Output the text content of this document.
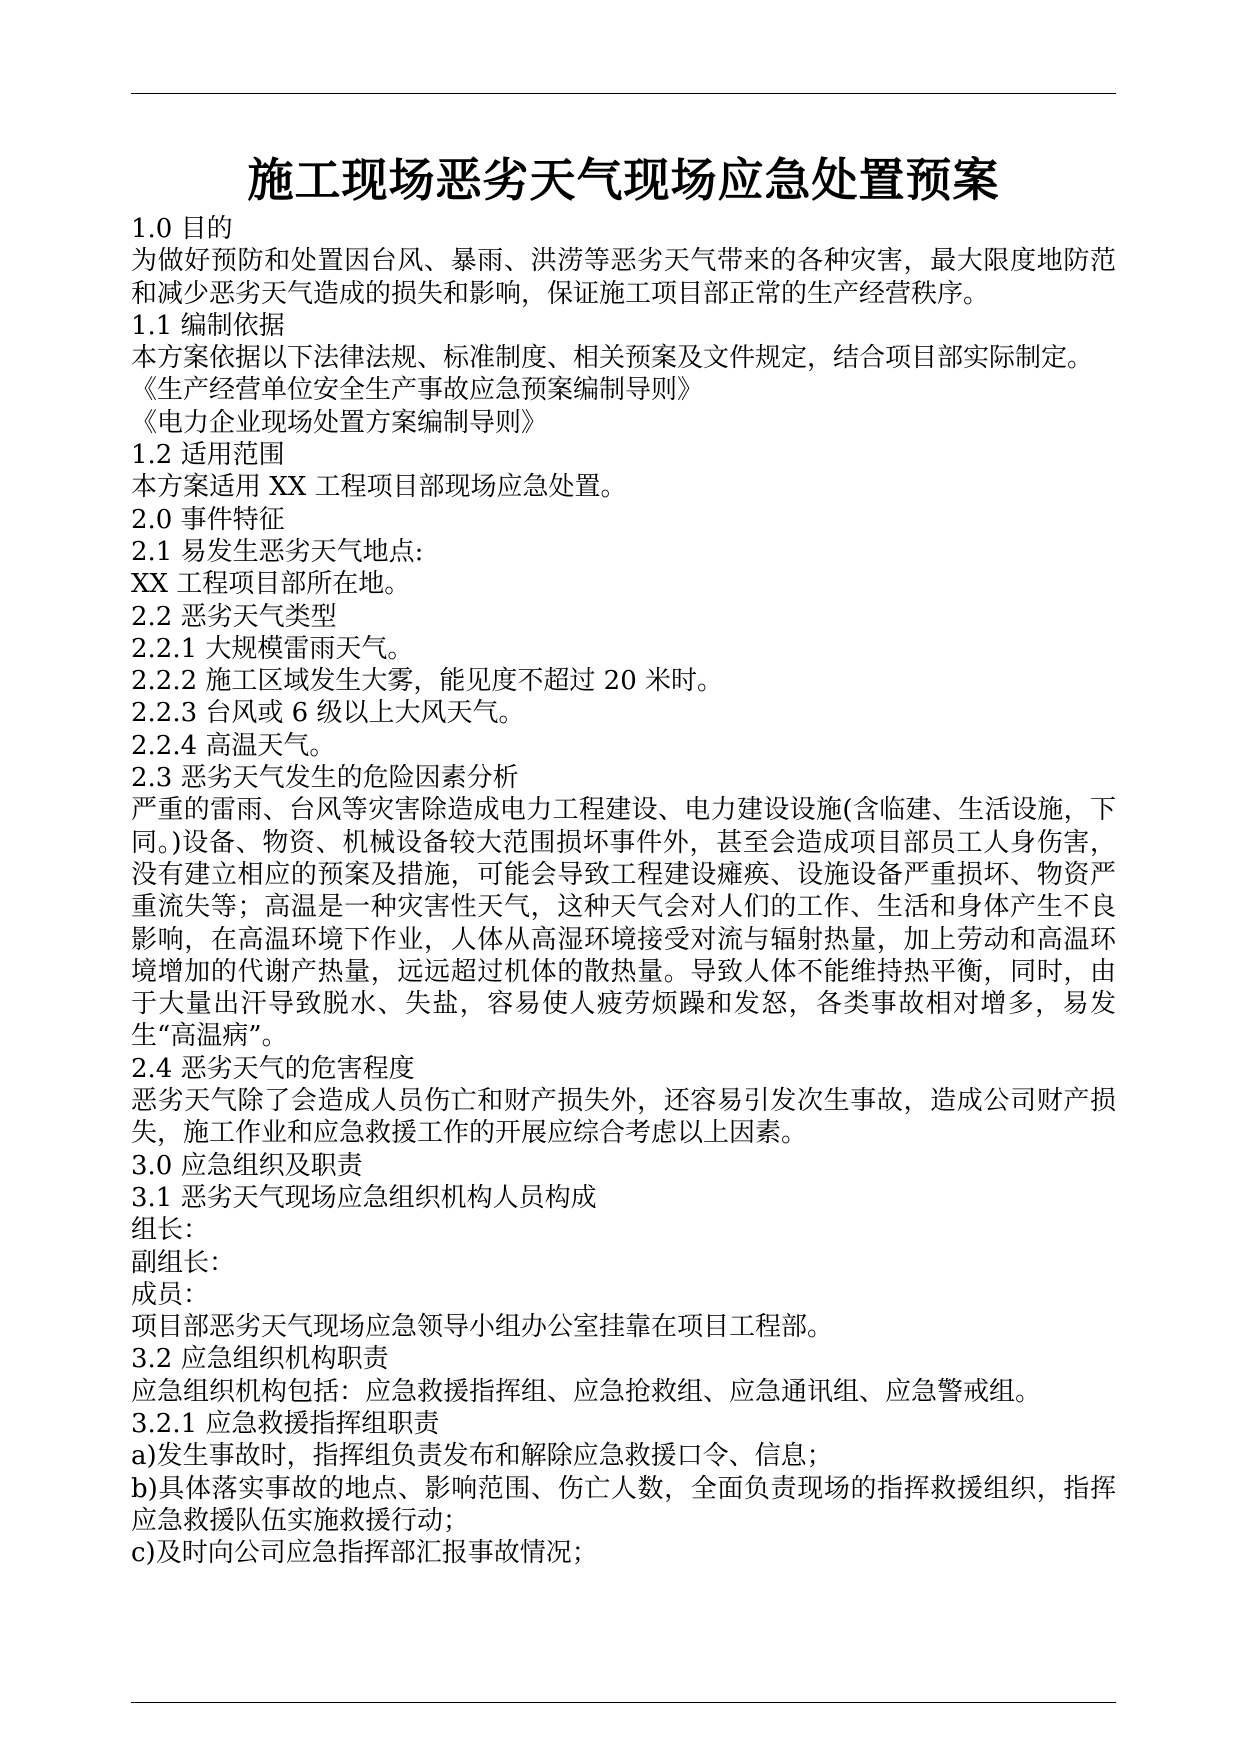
施工现场恶劣天气现场应急处置预案

1.0 目的

为做好预防和处置因台风、暴雨、洪涝等恶劣天气带来的各种灾害，最大限度地防范和减少恶劣天气造成的损失和影响，保证施工项目部正常的生产经营秩序。

1.1 编制依据

本方案依据以下法律法规、标准制度、相关预案及文件规定，结合项目部实际制定。

《生产经营单位安全生产事故应急预案编制导则》

《电力企业现场处置方案编制导则》

1.2 适用范围

本方案适用 XX 工程项目部现场应急处置。

2.0 事件特征

2.1 易发生恶劣天气地点:

XX 工程项目部所在地。

2.2 恶劣天气类型

2.2.1 大规模雷雨天气。

2.2.2 施工区域发生大雾，能见度不超过 20 米时。

2.2.3 台风或 6 级以上大风天气。

2.2.4 高温天气。

2.3 恶劣天气发生的危险因素分析

严重的雷雨、台风等灾害除造成电力工程建设、电力建设设施(含临建、生活设施，下同。)设备、物资、机械设备较大范围损坏事件外，甚至会造成项目部员工人身伤害，没有建立相应的预案及措施，可能会导致工程建设瘫痪、设施设备严重损坏、物资严重流失等；高温是一种灾害性天气，这种天气会对人们的工作、生活和身体产生不良影响，在高温环境下作业，人体从高湿环境接受对流与辐射热量，加上劳动和高温环境增加的代谢产热量，远远超过机体的散热量。导致人体不能维持热平衡，同时，由于大量出汗导致脱水、失盐，容易使人疲劳烦躁和发怒，各类事故相对增多，易发生“高温病”。

2.4 恶劣天气的危害程度

恶劣天气除了会造成人员伤亡和财产损失外，还容易引发次生事故，造成公司财产损失，施工作业和应急救援工作的开展应综合考虑以上因素。

3.0 应急组织及职责

3.1 恶劣天气现场应急组织机构人员构成

组长：

副组长：

成员：

项目部恶劣天气现场应急领导小组办公室挂靠在项目工程部。

3.2 应急组织机构职责

应急组织机构包括：应急救援指挥组、应急抢救组、应急通讯组、应急警戒组。

3.2.1 应急救援指挥组职责

a)发生事故时，指挥组负责发布和解除应急救援口令、信息；

b)具体落实事故的地点、影响范围、伤亡人数，全面负责现场的指挥救援组织，指挥应急救援队伍实施救援行动；

c)及时向公司应急指挥部汇报事故情况；
